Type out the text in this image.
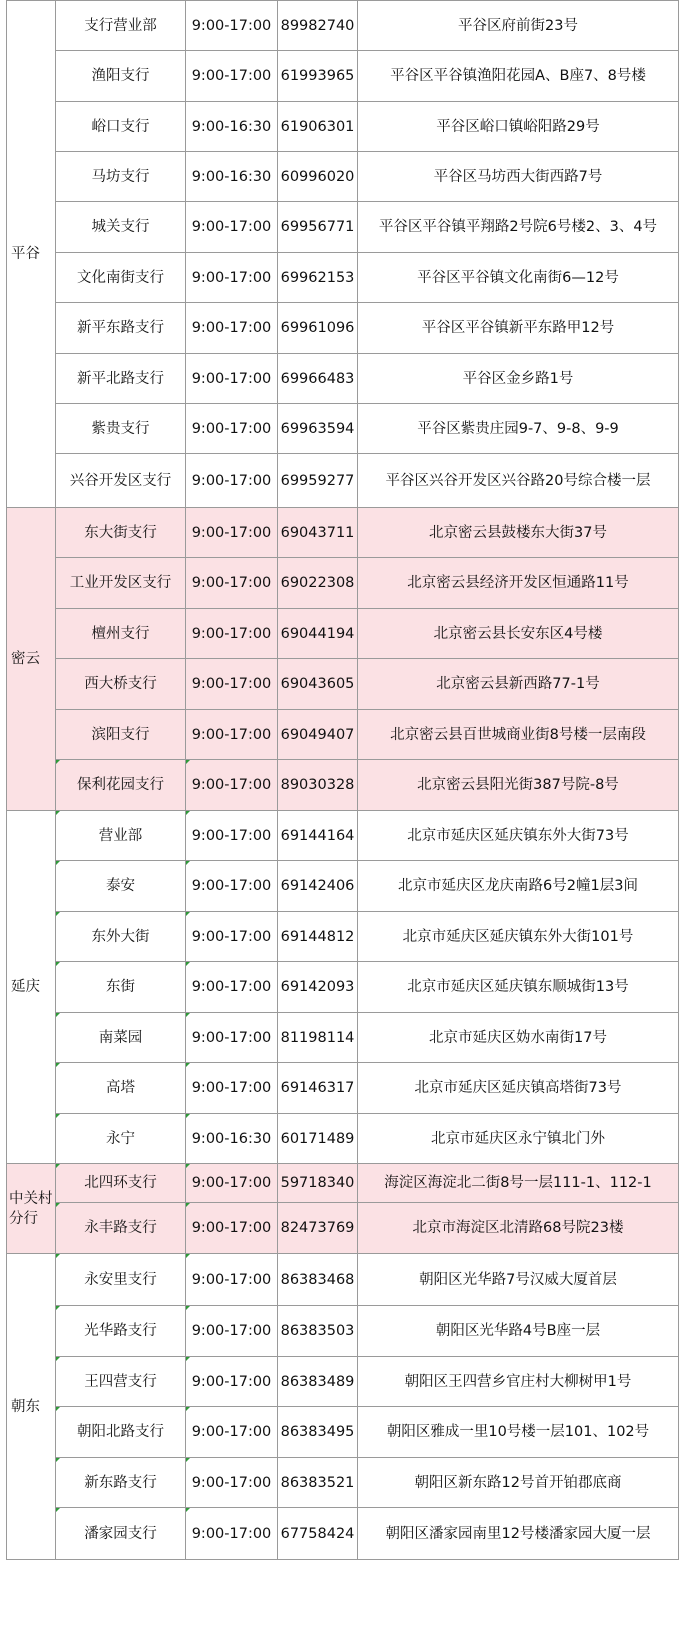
平谷	支行营业部	9:00-17:00	89982740	平谷区府前街23号
	渔阳支行	9:00-17:00	61993965	平谷区平谷镇渔阳花园A、B座7、8号楼
	峪口支行	9:00-16:30	61906301	平谷区峪口镇峪阳路29号
	马坊支行	9:00-16:30	60996020	平谷区马坊西大街西路7号
	城关支行	9:00-17:00	69956771	平谷区平谷镇平翔路2号院6号楼2、3、4号
	文化南街支行	9:00-17:00	69962153	平谷区平谷镇文化南街6—12号
	新平东路支行	9:00-17:00	69961096	平谷区平谷镇新平东路甲12号
	新平北路支行	9:00-17:00	69966483	平谷区金乡路1号
	紫贵支行	9:00-17:00	69963594	平谷区紫贵庄园9-7、9-8、9-9
	兴谷开发区支行	9:00-17:00	69959277	平谷区兴谷开发区兴谷路20号综合楼一层
密云	东大街支行	9:00-17:00	69043711	北京密云县鼓楼东大街37号
	工业开发区支行	9:00-17:00	69022308	北京密云县经济开发区恒通路11号
	檀州支行	9:00-17:00	69044194	北京密云县长安东区4号楼
	西大桥支行	9:00-17:00	69043605	北京密云县新西路77-1号
	滨阳支行	9:00-17:00	69049407	北京密云县百世城商业街8号楼一层南段
	保利花园支行	9:00-17:00	89030328	北京密云县阳光街387号院-8号
延庆	营业部	9:00-17:00	69144164	北京市延庆区延庆镇东外大街73号
	泰安	9:00-17:00	69142406	北京市延庆区龙庆南路6号2幢1层3间
	东外大街	9:00-17:00	69144812	北京市延庆区延庆镇东外大街101号
	东街	9:00-17:00	69142093	北京市延庆区延庆镇东顺城街13号
	南菜园	9:00-17:00	81198114	北京市延庆区妫水南街17号
	高塔	9:00-17:00	69146317	北京市延庆区延庆镇高塔街73号
	永宁	9:00-16:30	60171489	北京市延庆区永宁镇北门外
中关村分行	北四环支行	9:00-17:00	59718340	海淀区海淀北二街8号一层111-1、112-1
	永丰路支行	9:00-17:00	82473769	北京市海淀区北清路68号院23楼
朝东	永安里支行	9:00-17:00	86383468	朝阳区光华路7号汉威大厦首层
	光华路支行	9:00-17:00	86383503	朝阳区光华路4号B座一层
	王四营支行	9:00-17:00	86383489	朝阳区王四营乡官庄村大柳树甲1号
	朝阳北路支行	9:00-17:00	86383495	朝阳区雅成一里10号楼一层101、102号
	新东路支行	9:00-17:00	86383521	朝阳区新东路12号首开铂郡底商
	潘家园支行	9:00-17:00	67758424	朝阳区潘家园南里12号楼潘家园大厦一层
